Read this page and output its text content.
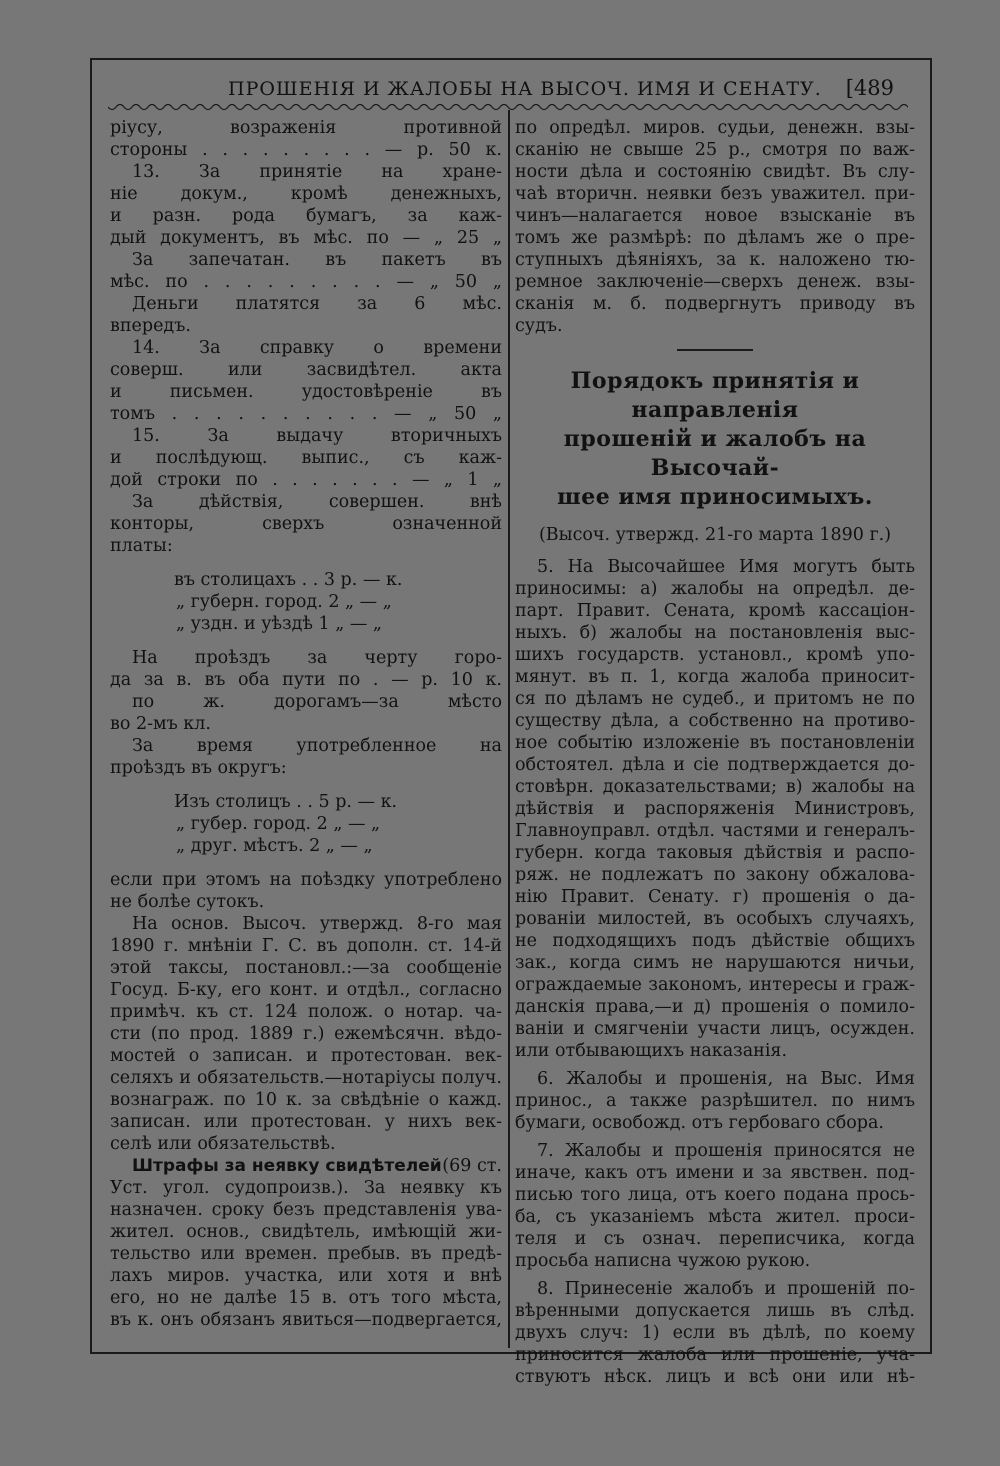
ПРОШЕНІЯ И ЖАЛОБЫ НА ВЫСОЧ. ИМЯ И СЕНАТУ. [489
ріусу, возраженія противной
стороны . . . . . . . . . — р. 50 к.
13. За принятіе на хране-
ніе докум., кромѣ денежныхъ,
и разн. рода бумагъ, за каж-
дый документъ, въ мѣс. по — „ 25 „
За запечатан. въ пакетъ въ
мѣс. по . . . . . . . . . — „ 50 „
Деньги платятся за 6 мѣс.
впередъ.
14. За справку о времени
соверш. или засвидѣтел. акта
и письмен. удостовѣреніе въ
томъ . . . . . . . . . . — „ 50 „
15. За выдачу вторичныхъ
и послѣдующ. выпис., съ каж-
дой строки по . . . . . . . — „ 1 „
За дѣйствія, совершен. внѣ
конторы, сверхъ означенной
платы:
въ столицахъ . . 3 р. — к.
„ губерн. город. 2 „ — „
„ уздн. и уѣздѣ 1 „ — „
На проѣздъ за черту горо-
да за в. въ оба пути по . — р. 10 к.
по ж. дорогамъ—за мѣсто
во 2-мъ кл.
За время употребленное на
проѣздъ въ округъ:
Изъ столицъ . . 5 р. — к.
„ губер. город. 2 „ — „
„ друг. мѣстъ. 2 „ — „
если при этомъ на поѣздку употреблено
не болѣе сутокъ.
На основ. Высоч. утвержд. 8-го мая
1890 г. мнѣніи Г. С. въ дополн. ст. 14-й
этой таксы, постановл.:—за сообщеніе
Госуд. Б-ку, его конт. и отдѣл., согласно
примѣч. къ ст. 124 полож. о нотар. ча-
сти (по прод. 1889 г.) ежемѣсячн. вѣдо-
мостей о записан. и протестован. век-
селяхъ и обязательств.—нотаріусы получ.
вознаграж. по 10 к. за свѣдѣніе о кажд.
записан. или протестован. у нихъ век-
селѣ или обязательствѣ.
Штрафы за неявку свидѣтелей (69 ст.
Уст. угол. судопроизв.). За неявку къ
назначен. сроку безъ представленія ува-
жител. основ., свидѣтель, имѣющій жи-
тельство или времен. пребыв. въ предѣ-
лахъ миров. участка, или хотя и внѣ
его, но не далѣе 15 в. отъ того мѣста,
въ к. онъ обязанъ явиться—подвергается,
по опредѣл. миров. судьи, денежн. взы-
сканію не свыше 25 р., смотря по важ-
ности дѣла и состоянію свидѣт. Въ слу-
чаѣ вторичн. неявки безъ уважител. при-
чинъ—налагается новое взысканіе въ
томъ же размѣрѣ: по дѣламъ же о пре-
ступныхъ дѣяніяхъ, за к. наложено тю-
ремное заключеніе—сверхъ денеж. взы-
сканія м. б. подвергнутъ приводу въ
судъ.
Порядокъ принятія и направленія
прошеній и жалобъ на Высочай-
шее имя приносимыхъ.
(Высоч. утвержд. 21-го марта 1890 г.)
5. На Высочайшее Имя могутъ быть
приносимы: а) жалобы на опредѣл. де-
парт. Правит. Сената, кромѣ кассаціон-
ныхъ. б) жалобы на постановленія выс-
шихъ государств. установл., кромѣ упо-
мянут. въ п. 1, когда жалоба приносит-
ся по дѣламъ не судеб., и притомъ не по
существу дѣла, а собственно на противо-
ное событію изложеніе въ постановленіи
обстоятел. дѣла и сіе подтверждается до-
стовѣрн. доказательствами; в) жалобы на
дѣйствія и распоряженія Министровъ,
Главноуправл. отдѣл. частями и генералъ-
губерн. когда таковыя дѣйствія и распо-
ряж. не подлежатъ по закону обжалова-
нію Правит. Сенату. г) прошенія о да-
рованіи милостей, въ особыхъ случаяхъ,
не подходящихъ подъ дѣйствіе общихъ
зак., когда симъ не нарушаются ничьи,
ограждаемые закономъ, интересы и граж-
данскія права,—и д) прошенія о помило-
ваніи и смягченіи участи лицъ, осужден.
или отбывающихъ наказанія.
6. Жалобы и прошенія, на Выс. Имя
принос., а также разрѣшител. по нимъ
бумаги, освобожд. отъ гербоваго сбора.
7. Жалобы и прошенія приносятся не
иначе, какъ отъ имени и за явствен. под-
писью того лица, отъ коего подана прось-
ба, съ указаніемъ мѣста жител. проси-
теля и съ означ. переписчика, когда
просьба написна чужою рукою.
8. Принесеніе жалобъ и прошеній по-
вѣренными допускается лишь въ слѣд.
двухъ случ: 1) если въ дѣлѣ, по коему
приносится жалоба или прошеніе, уча-
ствуютъ нѣск. лицъ и всѣ они или нѣ-
